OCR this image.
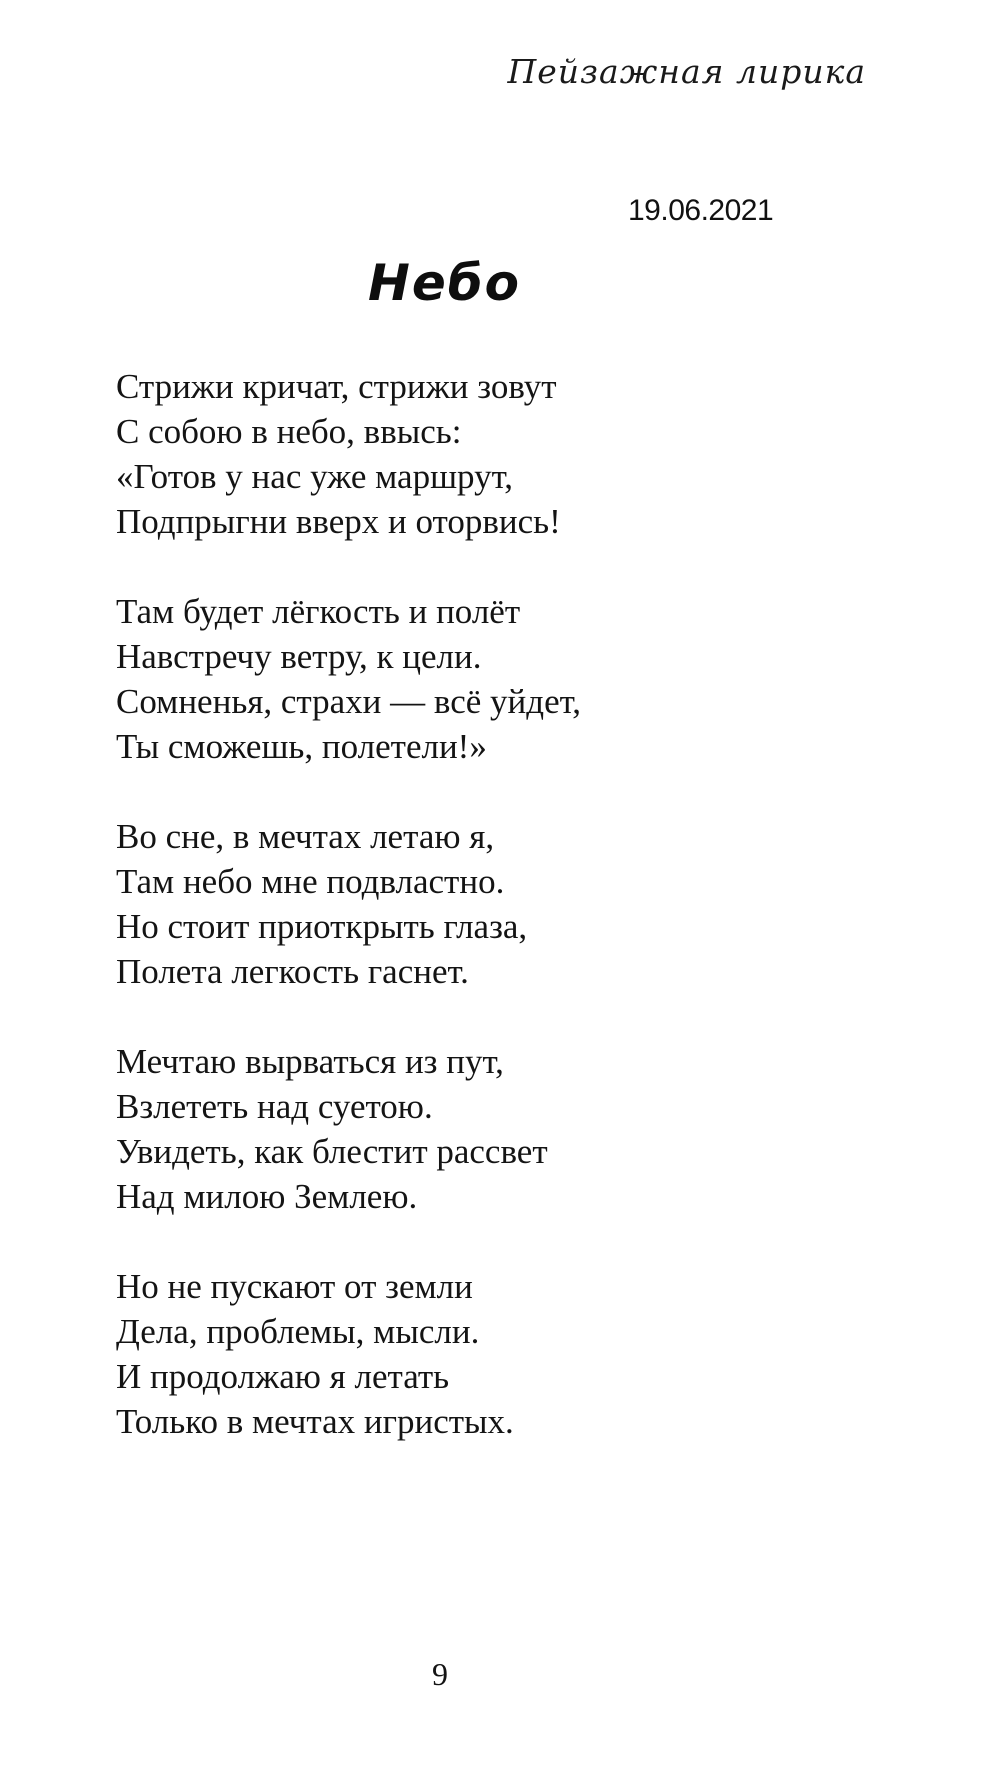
Пейзажная лирика
19.06.2021
Небо
Стрижи кричат, стрижи зовут
С собою в небо, ввысь:
«Готов у нас уже маршрут,
Подпрыгни вверх и оторвись!
Там будет лёгкость и полёт
Навстречу ветру, к цели.
Сомненья, страхи — всё уйдет,
Ты сможешь, полетели!»
Во сне, в мечтах летаю я,
Там небо мне подвластно.
Но стоит приоткрыть глаза,
Полета легкость гаснет.
Мечтаю вырваться из пут,
Взлететь над суетою.
Увидеть, как блестит рассвет
Над милою Землею.
Но не пускают от земли
Дела, проблемы, мысли.
И продолжаю я летать
Только в мечтах игристых.
9
